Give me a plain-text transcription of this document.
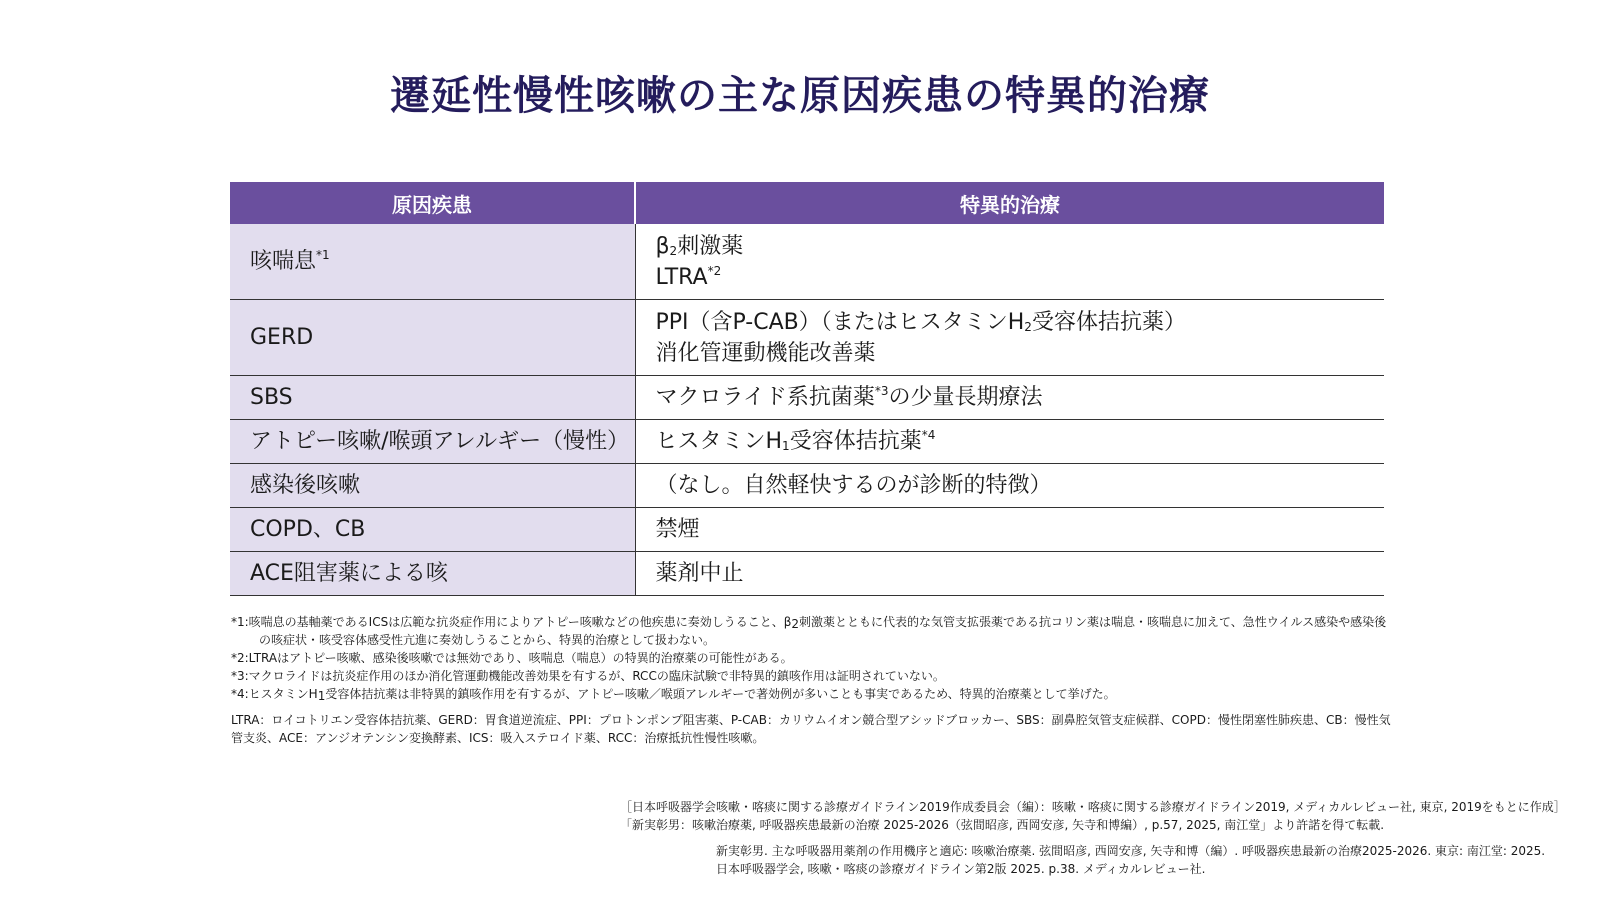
遷延性慢性咳嗽の主な原因疾患の特異的治療
原因疾患	特異的治療
咳喘息$^{*1}$	$\beta_2$刺激薬
LTRA$^{*2}$

GERD	PPI（含P-CAB）（またはヒスタミン$H_2$受容体拮抗薬）
消化管運動機能改善薬

SBS	マクロライド系抗菌薬$^{*3}$の少量長期療法
アトピー咳嗽/喉頭アレルギー（慢性）	ヒスタミン$H_1$受容体拮抗薬$^{*4}$
感染後咳嗽	（なし。自然軽快するのが診断的特徴）
COPD、CB	禁煙
ACE阻害薬による咳	薬剤中止
*1:咳喘息の基軸薬であるICSは広範な抗炎症作用によりアトピー咳嗽などの他疾患に奏効しうること、$\beta_2$刺激薬とともに代表的な気管支拡張薬である抗コリン薬は喘息・咳喘息に加えて、急性ウイルス感染や感染後の咳症状・咳受容体感受性亢進に奏効しうることから、特異的治療として扱わない。
*2:LTRAはアトピー咳嗽、感染後咳嗽では無効であり、咳喘息（喘息）の特異的治療薬の可能性がある。
*3:マクロライドは抗炎症作用のほか消化管運動機能改善効果を有するが、RCCの臨床試験で非特異的鎮咳作用は証明されていない。
*4:ヒスタミン$H_1$受容体拮抗薬は非特異的鎮咳作用を有するが、アトピー咳嗽／喉頭アレルギーで著効例が多いことも事実であるため、特異的治療薬として挙げた。
LTRA：ロイコトリエン受容体拮抗薬、GERD：胃食道逆流症、PPI：プロトンポンプ阻害薬、P-CAB：カリウムイオン競合型アシッドブロッカー、SBS：副鼻腔気管支症候群、COPD：慢性閉塞性肺疾患、CB：慢性気管支炎、ACE：アンジオテンシン変換酵素、ICS：吸入ステロイド薬、RCC：治療抵抗性慢性咳嗽。
［日本呼吸器学会咳嗽・喀痰に関する診療ガイドライン2019作成委員会（編）：咳嗽・喀痰に関する診療ガイドライン2019, メディカルレビュー社, 東京, 2019をもとに作成］
「新実彰男：咳嗽治療薬, 呼吸器疾患最新の治療 2025-2026（弦間昭彦, 西岡安彦, 矢寺和博編）, p.57, 2025, 南江堂」より許諾を得て転載.
新実彰男. 主な呼吸器用薬剤の作用機序と適応: 咳嗽治療薬. 弦間昭彦, 西岡安彦, 矢寺和博（編）. 呼吸器疾患最新の治療2025-2026. 東京: 南江堂: 2025.
日本呼吸器学会, 咳嗽・喀痰の診療ガイドライン第2版 2025. p.38. メディカルレビュー社.
